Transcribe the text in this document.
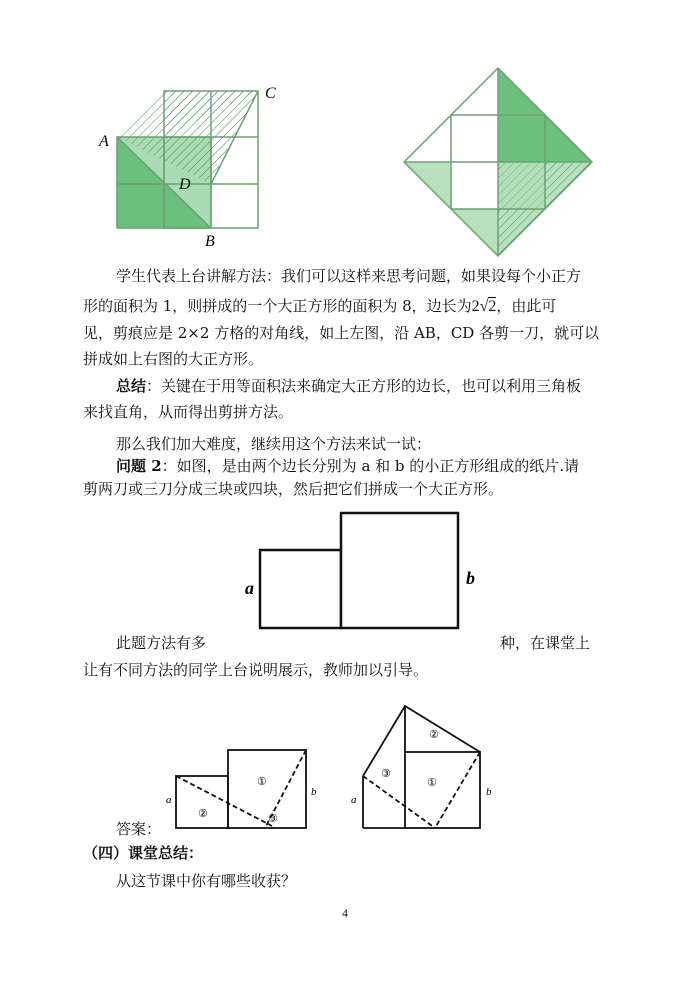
A
C
D
B
学生代表上台讲解方法：我们可以这样来思考问题，如果设每个小正方
形的面积为 1，则拼成的一个大正方形的面积为 8，边长为2√2，由此可
见，剪痕应是 2×2 方格的对角线，如上左图，沿 AB，CD 各剪一刀，就可以
拼成如上右图的大正方形。
总结：关键在于用等面积法来确定大正方形的边长，也可以利用三角板
来找直角，从而得出剪拼方法。
那么我们加大难度，继续用这个方法来试一试：
问题 2：如图，是由两个边长分别为 a 和 b 的小正方形组成的纸片.请
剪两刀或三刀分成三块或四块，然后把它们拼成一个大正方形。
a	b
此题方法有多	种，在课堂上
让有不同方法的同学上台说明展示，教师加以引导。
a
b
①
②	③
a
b
①
②
③
答案：
（四）课堂总结：
从这节课中你有哪些收获？
4
